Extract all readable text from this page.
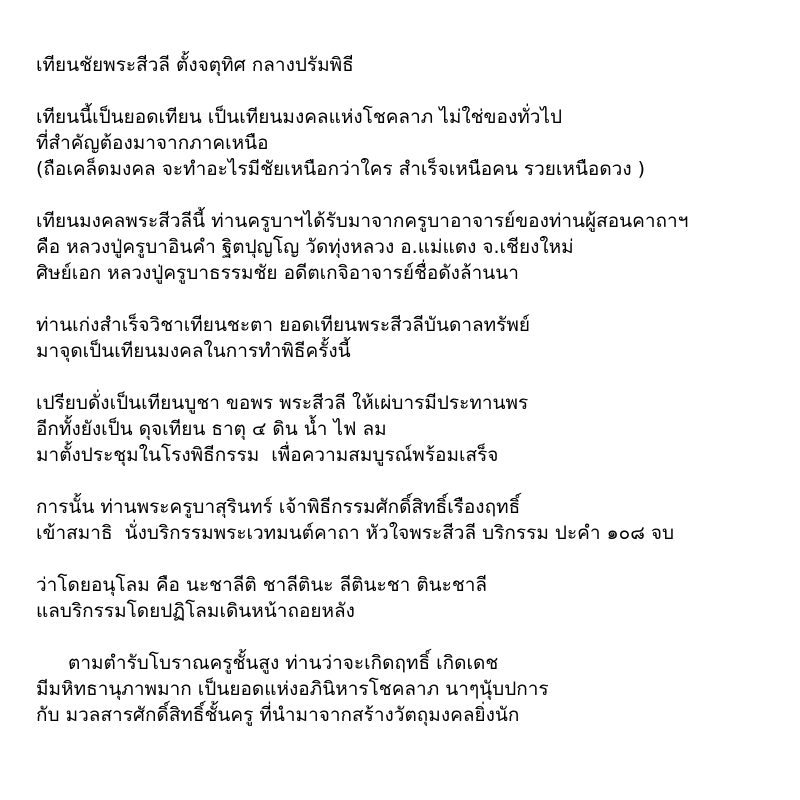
เทียนชัยพระสีวลี ตั้งจตุทิศ กลางปรัมพิธี
เทียนนี้เป็นยอดเทียน เป็นเทียนมงคลแห่งโชคลาภ ไม่ใช่ของทั่วไป
ที่สำคัญต้องมาจากภาคเหนือ
(ถือเคล็ดมงคล จะทำอะไรมีชัยเหนือกว่าใคร สำเร็จเหนือคน รวยเหนือดวง )
เทียนมงคลพระสีวลีนี้ ท่านครูบาฯได้รับมาจากครูบาอาจารย์ของท่านผู้สอนคาถาฯ
คือ หลวงปู่ครูบาอินคำ ฐิตปุญโญ วัดทุ่งหลวง อ.แม่แตง จ.เชียงใหม่
ศิษย์เอก หลวงปู่ครูบาธรรมชัย อดีตเกจิอาจารย์ชื่อดังล้านนา
ท่านเก่งสำเร็จวิชาเทียนชะตา ยอดเทียนพระสีวลีบันดาลทรัพย์
มาจุดเป็นเทียนมงคลในการทำพิธีครั้งนี้
เปรียบดั่งเป็นเทียนบูชา ขอพร พระสีวลี ให้เผ่บารมีประทานพร
อีกทั้งยังเป็น ดุจเทียน ธาตุ ๔ ดิน น้ำ ไฟ ลม
มาตั้งประชุมในโรงพิธีกรรม  เพื่อความสมบูรณ์พร้อมเสร็จ
การนั้น ท่านพระครูบาสุรินทร์ เจ้าพิธีกรรมศักดิ์สิทธิ์เรืองฤทธิ์
เข้าสมาธิ  นั่งบริกรรมพระเวทมนต์คาถา หัวใจพระสีวลี บริกรรม ปะคำ ๑๐๘ จบ
ว่าโดยอนุโลม คือ นะชาลีติ ชาลีตินะ ลีตินะชา ตินะชาลี
แลบริกรรมโดยปฏิโลมเดินหน้าถอยหลัง
ตามตำรับโบราณครูชั้นสูง ท่านว่าจะเกิดฤทธิ์ เกิดเดช
มีมหิทธานุภาพมาก เป็นยอดแห่งอภินิหารโชคลาภ นาๆนุับปการ
กับ มวลสารศักดิ์สิทธิ์ชั้นครู ที่นำมาจากสร้างวัตถุมงคลยิ่งนัก
